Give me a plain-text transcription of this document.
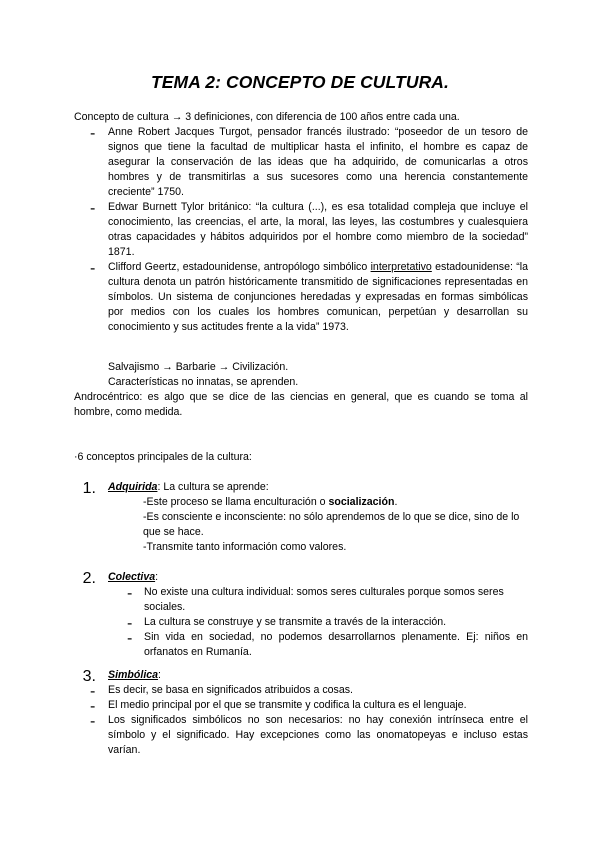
TEMA 2: CONCEPTO DE CULTURA.

Concepto de cultura → 3 definiciones, con diferencia de 100 años entre cada una.

-	Anne Robert Jacques Turgot, pensador francés ilustrado: “poseedor de un tesoro de signos que tiene la facultad de multiplicar hasta el infinito, el hombre es capaz de asegurar la conservación de las ideas que ha adquirido, de comunicarlas a otros hombres y de transmitirlas a sus sucesores como una herencia constantemente creciente” 1750.

-	Edwar Burnett Tylor británico: “la cultura (...), es esa totalidad compleja que incluye el conocimiento, las creencias, el arte, la moral, las leyes, las costumbres y cualesquiera otras capacidades y hábitos adquiridos por el hombre como miembro de la sociedad” 1871.

-	Clifford Geertz, estadounidense, antropólogo simbólico interpretativo estadounidense: “la cultura denota un patrón históricamente transmitido de significaciones representadas en símbolos. Un sistema de conjunciones heredadas y expresadas en formas simbólicas por medios con los cuales los hombres comunican, perpetúan y desarrollan su conocimiento y sus actitudes frente a la vida” 1973.

Salvajismo → Barbarie → Civilización.

Características no innatas, se aprenden.

Androcéntrico: es algo que se dice de las ciencias en general, que es cuando se toma al hombre, como medida.

·6 conceptos principales de la cultura:

1. Adquirida: La cultura se aprende:

-Este proceso se llama enculturación o socialización.

-Es consciente e inconsciente: no sólo aprendemos de lo que se dice, sino de lo que se hace.

-Transmite tanto información como valores.

2. Colectiva:

-	No existe una cultura individual: somos seres culturales porque somos seres sociales.

-	La cultura se construye y se transmite a través de la interacción.

-	Sin vida en sociedad, no podemos desarrollarnos plenamente. Ej: niños en orfanatos en Rumanía.

3. Simbólica:

-	Es decir, se basa en significados atribuidos a cosas.

-	El medio principal por el que se transmite y codifica la cultura es el lenguaje.

-	Los significados simbólicos no son necesarios: no hay conexión intrínseca entre el símbolo y el significado. Hay excepciones como las onomatopeyas e incluso estas varían.
